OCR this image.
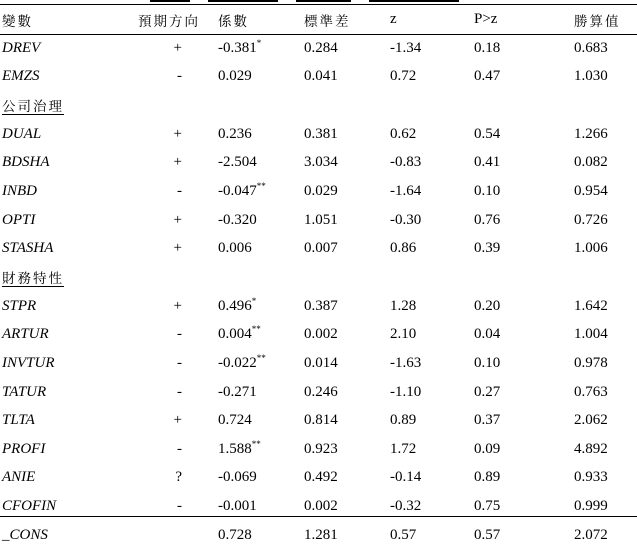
變數	預期方向	係數	標準差	z	P>z	勝算值
DREV	+	-0.381*	0.284	-1.34	0.18	0.683
EMZS	-	0.029	0.041	0.72	0.47	1.030
公司治理						
DUAL	+	0.236	0.381	0.62	0.54	1.266
BDSHA	+	-2.504	3.034	-0.83	0.41	0.082
INBD	-	-0.047**	0.029	-1.64	0.10	0.954
OPTI	+	-0.320	1.051	-0.30	0.76	0.726
STASHA	+	0.006	0.007	0.86	0.39	1.006
財務特性						
STPR	+	0.496*	0.387	1.28	0.20	1.642
ARTUR	-	0.004**	0.002	2.10	0.04	1.004
INVTUR	-	-0.022**	0.014	-1.63	0.10	0.978
TATUR	-	-0.271	0.246	-1.10	0.27	0.763
TLTA	+	0.724	0.814	0.89	0.37	2.062
PROFI	-	1.588**	0.923	1.72	0.09	4.892
ANIE	?	-0.069	0.492	-0.14	0.89	0.933
CFOFIN	-	-0.001	0.002	-0.32	0.75	0.999
_CONS		0.728	1.281	0.57	0.57	2.072
